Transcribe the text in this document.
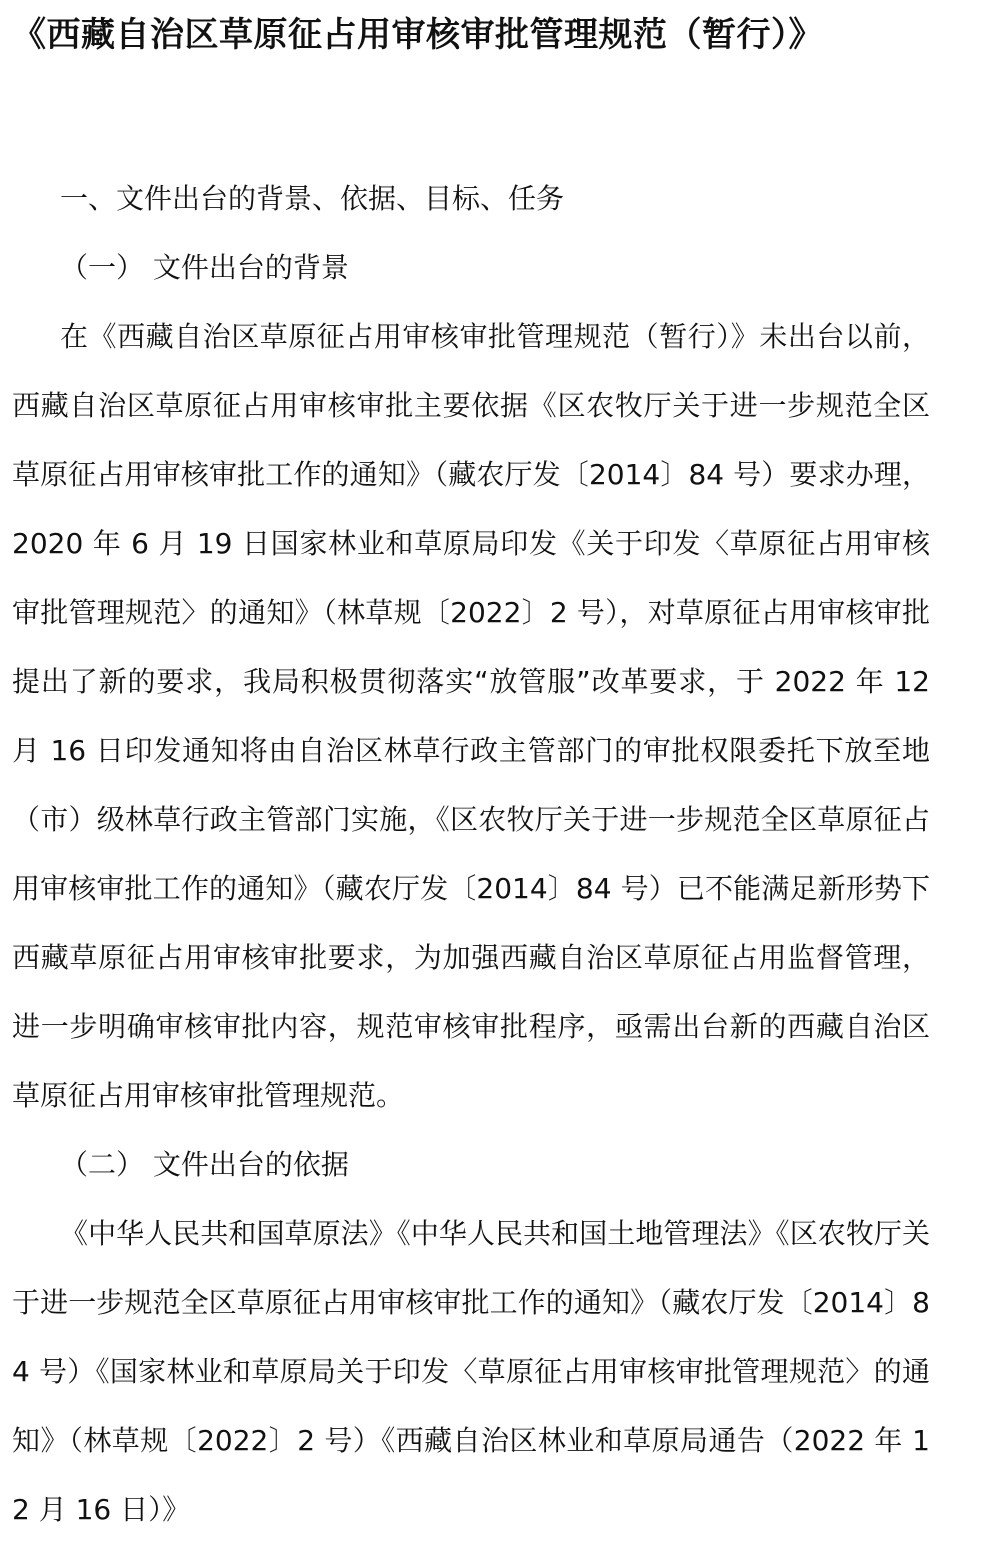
《西藏自治区草原征占用审核审批管理规范（暂行）》

一、文件出台的背景、依据、目标、任务

（一） 文件出台的背景

在《西藏自治区草原征占用审核审批管理规范（暂行）》未出台以前，西藏自治区草原征占用审核审批主要依据《区农牧厅关于进一步规范全区草原征占用审核审批工作的通知》（藏农厅发〔2014〕84 号）要求办理，2020 年 6 月 19 日国家林业和草原局印发《关于印发〈草原征占用审核审批管理规范〉的通知》（林草规〔2022〕2 号），对草原征占用审核审批提出了新的要求，我局积极贯彻落实“放管服”改革要求，于 2022 年 12 月 16 日印发通知将由自治区林草行政主管部门的审批权限委托下放至地（市）级林草行政主管部门实施，《区农牧厅关于进一步规范全区草原征占用审核审批工作的通知》（藏农厅发〔2014〕84 号）已不能满足新形势下西藏草原征占用审核审批要求，为加强西藏自治区草原征占用监督管理，进一步明确审核审批内容，规范审核审批程序，亟需出台新的西藏自治区草原征占用审核审批管理规范。

（二） 文件出台的依据

《中华人民共和国草原法》《中华人民共和国土地管理法》《区农牧厅关于进一步规范全区草原征占用审核审批工作的通知》（藏农厅发〔2014〕84 号）《国家林业和草原局关于印发〈草原征占用审核审批管理规范〉的通知》（林草规〔2022〕2 号）《西藏自治区林业和草原局通告（2022 年 12 月 16 日）》
